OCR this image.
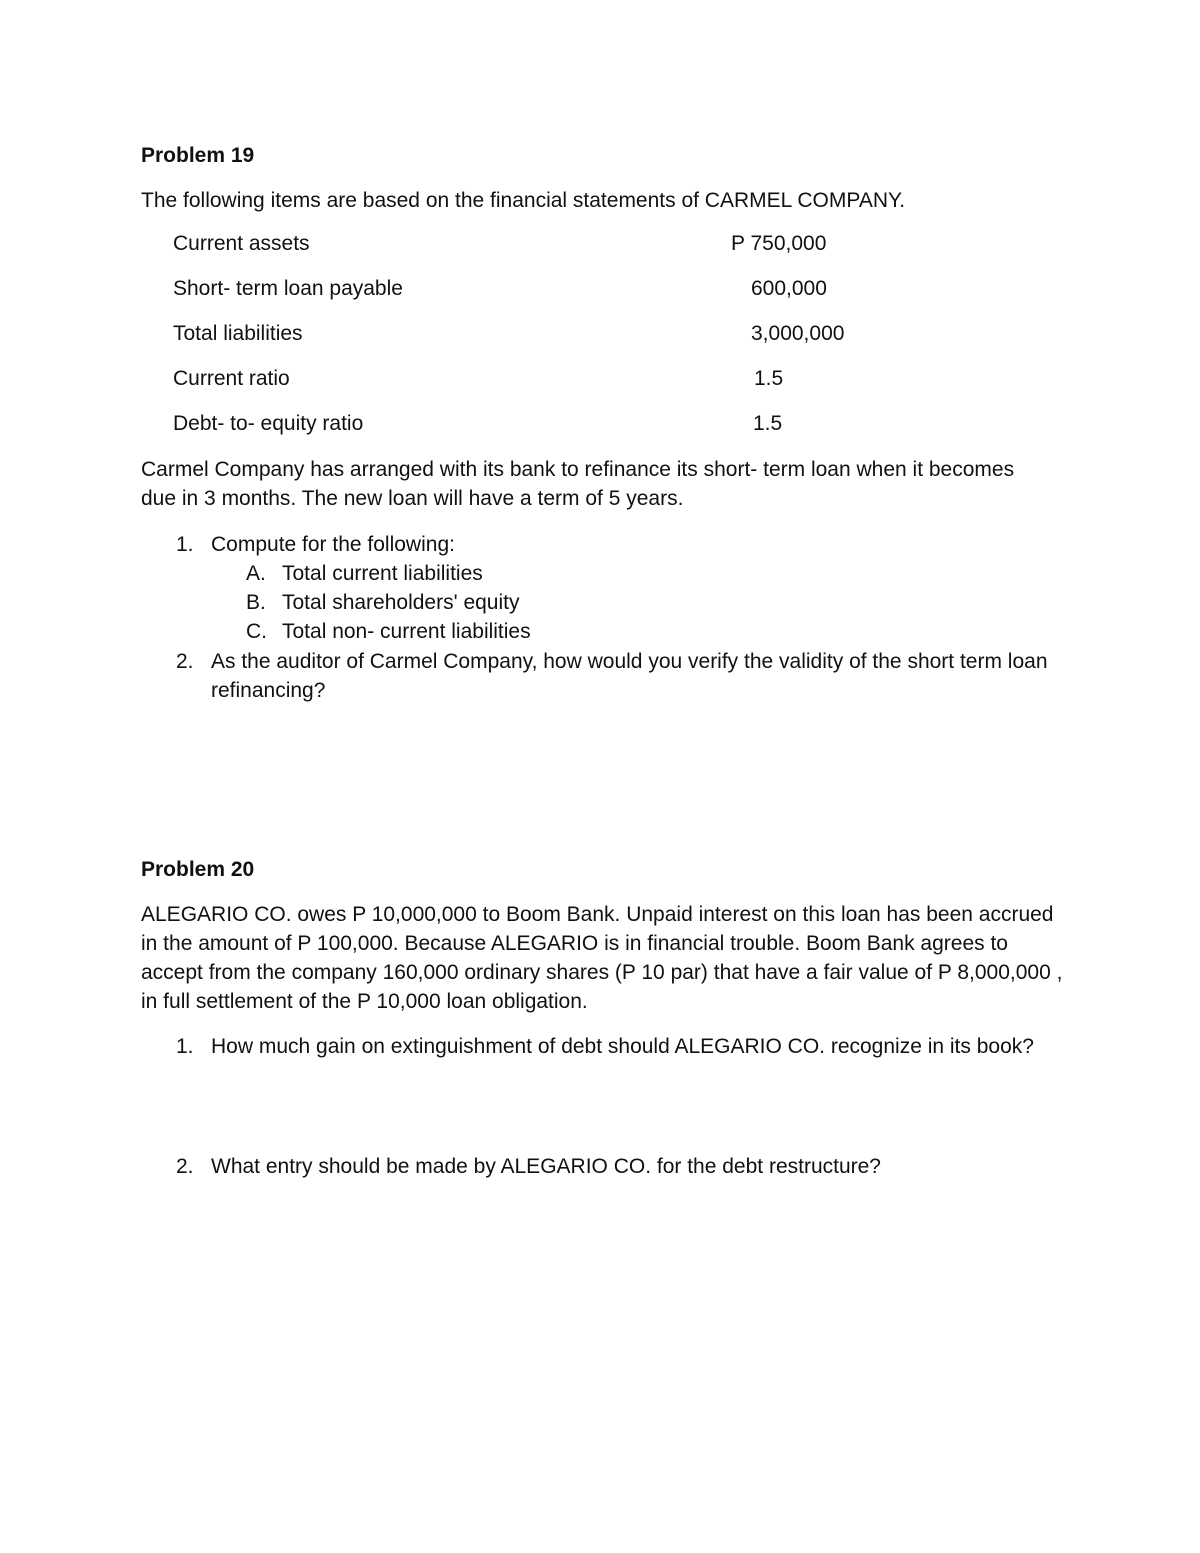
Problem 19
The following items are based on the financial statements of CARMEL COMPANY.
Current assets	P 750,000
Short- term loan payable	600,000
Total liabilities	3,000,000
Current ratio	1.5
Debt- to- equity ratio	1.5
Carmel Company has arranged with its bank to refinance its short- term loan when it becomes due in 3 months. The new loan will have a term of 5 years.
1. Compute for the following:
A. Total current liabilities
B. Total shareholders' equity
C. Total non- current liabilities
2. As the auditor of Carmel Company, how would you verify the validity of the short term loan refinancing?
Problem 20
ALEGARIO CO. owes P 10,000,000 to Boom Bank. Unpaid interest on this loan has been accrued in the amount of P 100,000. Because ALEGARIO is in financial trouble. Boom Bank agrees to accept from the company 160,000 ordinary shares (P 10 par) that have a fair value of P 8,000,000 , in full settlement of the P 10,000 loan obligation.
1. How much gain on extinguishment of debt should ALEGARIO CO. recognize in its book?
2. What entry should be made by ALEGARIO CO. for the debt restructure?
